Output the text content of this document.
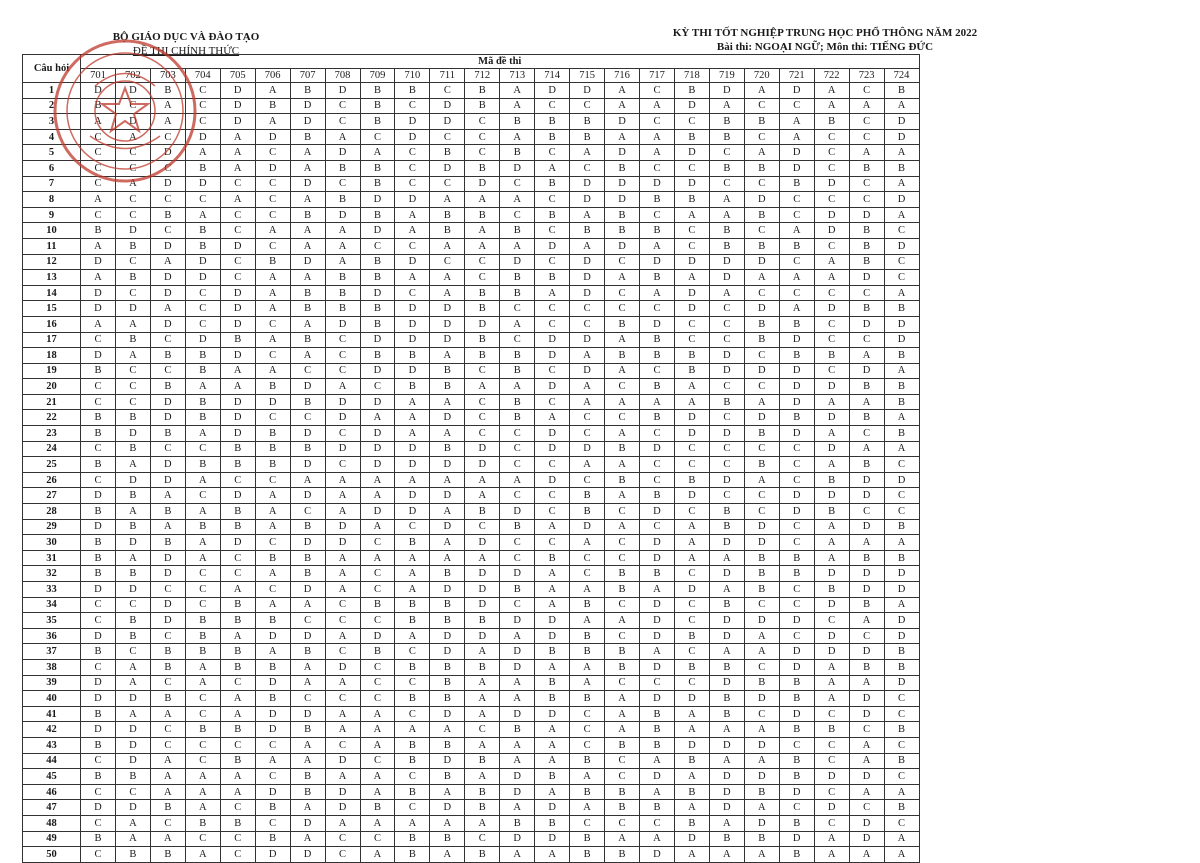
BỘ GIÁO DỤC VÀ ĐÀO TẠO
ĐỀ THI CHÍNH THỨC
KỲ THI TỐT NGHIỆP TRUNG HỌC PHỔ THÔNG NĂM 2022
Bài thi: NGOẠI NGỮ; Môn thi: TIẾNG ĐỨC
Câu hỏi	Mã đề thi																							
	701	702	703	704	705	706	707	708	709	710	711	712	713	714	715	716	717	718	719	720	721	722	723	724
1	D	D	B	C	D	A	B	D	B	B	C	B	A	D	D	A	C	B	D	A	D	A	C	B
2	B	C	A	C	D	B	D	C	B	C	D	B	A	C	C	A	A	D	A	C	C	A	A	A
3	A	D	A	C	D	A	D	C	B	D	D	C	B	B	B	D	C	C	B	B	A	B	C	D
4	C	A	C	D	A	D	B	A	C	D	C	C	A	B	B	A	A	B	B	C	A	C	C	D
5	C	C	D	A	A	C	A	D	A	C	B	C	B	C	A	D	A	D	C	A	D	C	A	A
6	C	C	C	B	A	D	A	B	B	C	D	B	D	A	C	B	C	C	B	B	D	C	B	B
7	C	A	D	D	C	C	D	C	B	C	C	D	C	B	D	D	D	D	C	C	B	D	C	A
8	A	C	C	C	A	C	A	B	D	D	A	A	A	C	D	D	B	B	A	D	C	C	C	D
9	C	C	B	A	C	C	B	D	B	A	B	B	C	B	A	B	C	A	A	B	C	D	D	A
10	B	D	C	B	C	A	A	A	D	A	B	A	B	C	B	B	B	C	B	C	A	D	B	C
11	A	B	D	B	D	C	A	A	C	C	A	A	A	D	A	D	A	C	B	B	B	C	B	D
12	D	C	A	D	C	B	D	A	B	D	C	C	D	C	D	C	D	D	D	D	C	A	B	C
13	A	B	D	D	C	A	A	B	B	A	A	C	B	B	D	A	B	A	D	A	A	A	D	C
14	D	C	D	C	D	A	B	B	D	C	A	B	B	A	D	C	A	D	A	C	C	C	C	A
15	D	D	A	C	D	A	B	B	B	D	D	B	C	C	C	C	C	D	C	D	A	D	B	B
16	A	A	D	C	D	C	A	D	B	D	D	D	A	C	C	B	D	C	C	B	B	C	D	D
17	C	B	C	D	B	A	B	C	D	D	D	B	C	D	D	A	B	C	C	B	D	C	C	D
18	D	A	B	B	D	C	A	C	B	B	A	B	B	D	A	B	B	B	D	C	B	B	A	B
19	B	C	C	B	A	A	C	C	D	D	B	C	B	C	D	A	C	B	D	D	D	C	D	A
20	C	C	B	A	A	B	D	A	C	B	B	A	A	D	A	C	B	A	C	C	D	D	B	B
21	C	C	D	B	D	D	B	D	D	A	A	C	B	C	A	A	A	A	B	A	D	A	A	B
22	B	B	D	B	D	C	C	D	A	A	D	C	B	A	C	C	B	D	C	D	B	D	B	A
23	B	D	B	A	D	B	D	C	D	A	A	C	C	D	C	A	C	D	D	B	D	A	C	B
24	C	B	C	C	B	B	B	D	D	D	B	D	C	D	D	B	D	C	C	C	C	D	A	A
25	B	A	D	B	B	B	D	C	D	D	D	D	C	C	A	A	C	C	C	B	C	A	B	C
26	C	D	D	A	C	C	A	A	A	A	A	A	A	D	C	B	C	B	D	A	C	B	D	D
27	D	B	A	C	D	A	D	A	A	D	D	A	C	C	B	A	B	D	C	C	D	D	D	C
28	B	A	B	A	B	A	C	A	D	D	A	B	D	C	B	C	D	C	B	C	D	B	C	C
29	D	B	A	B	B	A	B	D	A	C	D	C	B	A	D	A	C	A	B	D	C	A	D	B
30	B	D	B	A	D	C	D	D	C	B	A	D	C	C	A	C	D	A	D	D	C	A	A	A
31	B	A	D	A	C	B	B	A	A	A	A	A	C	B	C	C	D	A	A	B	B	A	B	B
32	B	B	D	C	C	A	B	A	C	A	B	D	D	A	C	B	B	C	D	B	B	D	D	D
33	D	D	C	C	A	C	D	A	C	A	D	D	B	A	A	B	A	D	A	B	C	B	D	D
34	C	C	D	C	B	A	A	C	B	B	B	D	C	A	B	C	D	C	B	C	C	D	B	A
35	C	B	D	B	B	B	C	C	C	B	B	B	D	D	A	A	D	C	D	D	D	C	A	D
36	D	B	C	B	A	D	D	A	D	A	D	D	A	D	B	C	D	B	D	A	C	D	C	D
37	B	C	B	B	B	A	B	C	B	C	D	A	D	B	B	B	A	C	A	A	D	D	D	B
38	C	A	B	A	B	B	A	D	C	B	B	B	D	A	A	B	D	B	B	C	D	A	B	B
39	D	A	C	A	C	D	A	A	C	C	B	A	A	B	A	C	C	C	D	B	B	A	A	D
40	D	D	B	C	A	B	C	C	C	B	B	A	A	B	B	A	D	D	B	D	B	A	D	C
41	B	A	A	C	A	D	D	A	A	C	D	A	D	D	C	A	B	A	B	C	D	C	D	C
42	D	D	C	B	B	D	B	A	A	A	A	C	B	A	C	A	B	A	A	A	B	B	C	B
43	B	D	C	C	C	C	A	C	A	B	B	A	A	A	C	B	B	D	D	D	C	C	A	C
44	C	D	A	C	B	A	A	D	C	B	D	B	A	A	B	C	A	B	A	A	B	C	A	B
45	B	B	A	A	A	C	B	A	A	C	B	A	D	B	A	C	D	A	D	D	B	D	D	C
46	C	C	A	A	A	D	B	D	A	B	A	B	D	A	B	B	A	B	D	B	D	C	A	A
47	D	D	B	A	C	B	A	D	B	C	D	B	A	D	A	B	B	A	D	A	C	D	C	B
48	C	A	C	B	B	C	D	A	A	A	A	A	B	B	C	C	C	B	A	D	B	C	D	C
49	B	A	A	C	C	B	A	C	C	B	B	C	D	D	B	A	A	D	B	B	D	A	D	A
50	C	B	B	A	C	D	D	C	A	B	A	B	A	A	B	B	D	A	A	A	B	A	A	A
